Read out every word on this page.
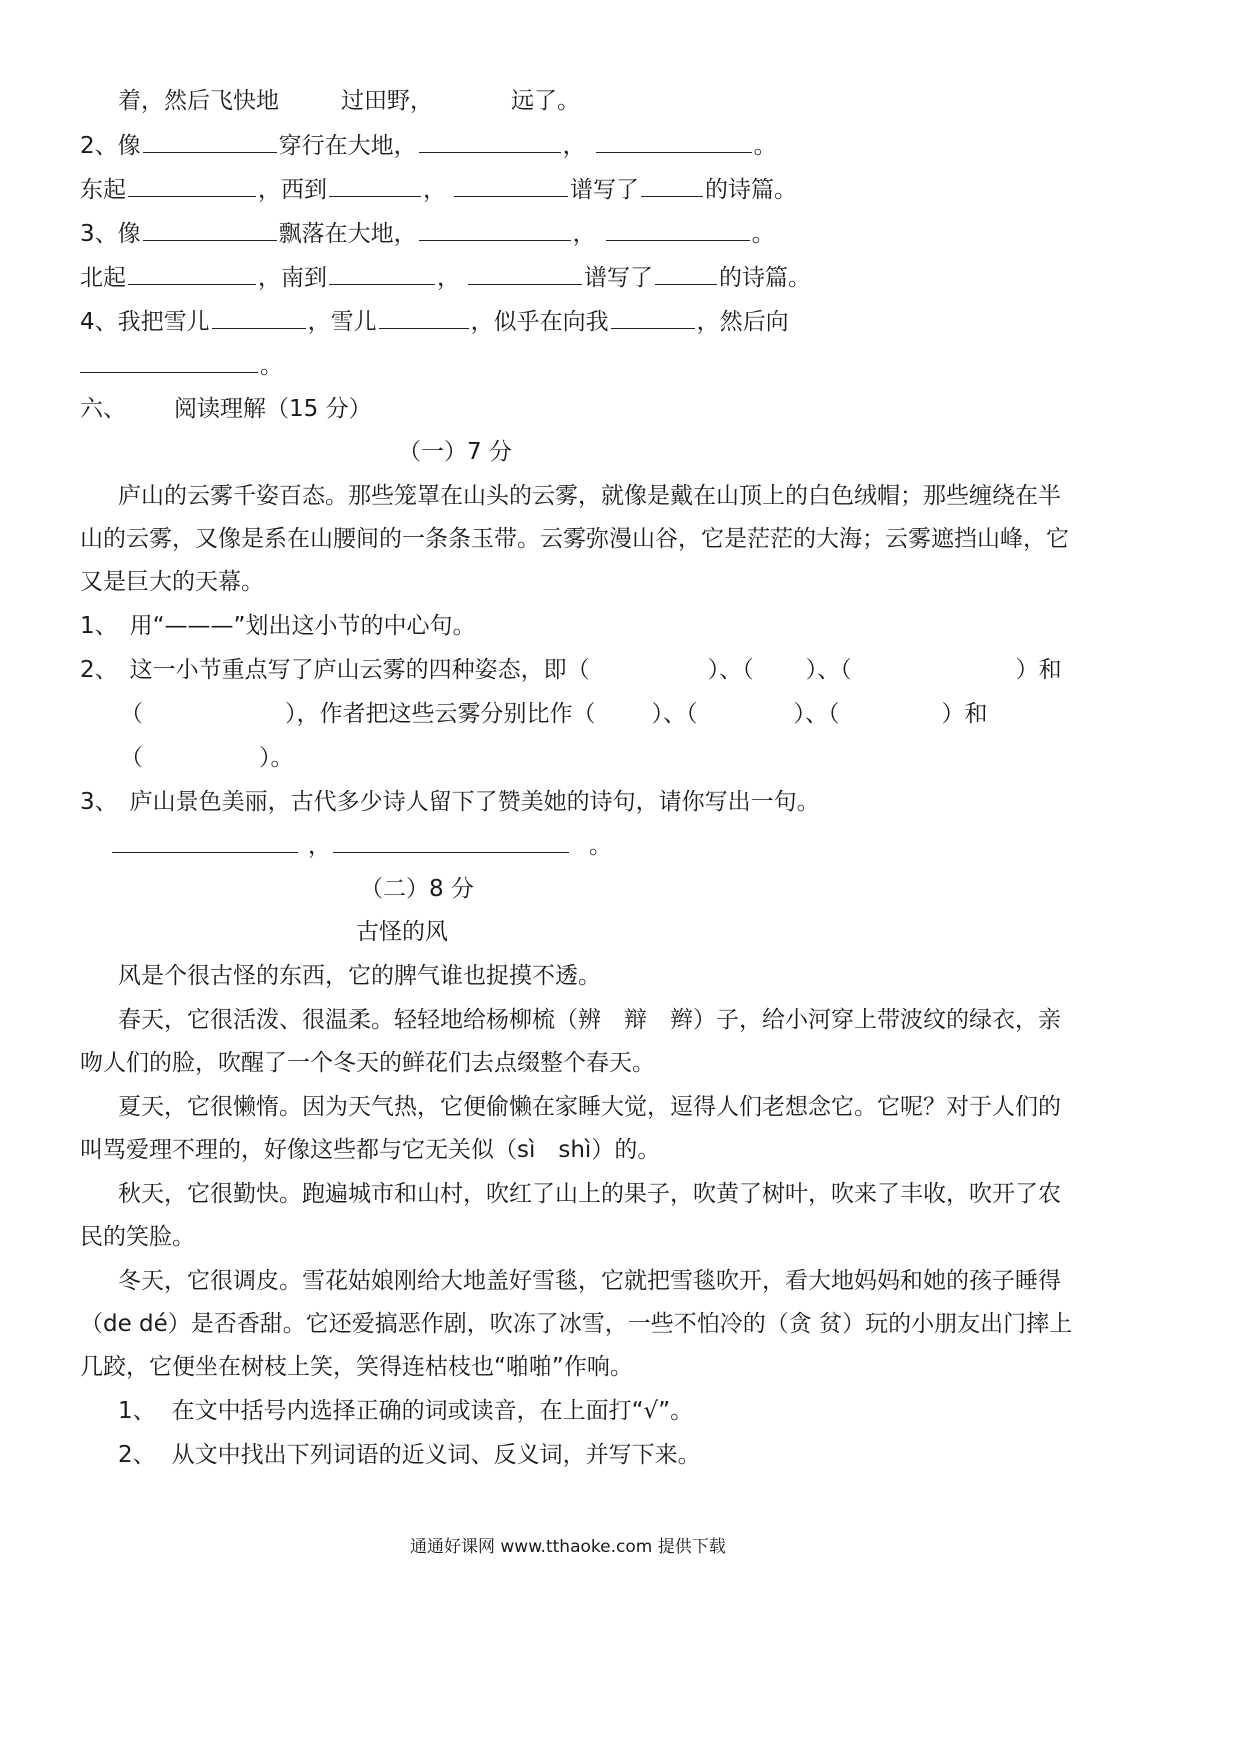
着，然后飞快地	过田野，	远了。
2、像	穿行在大地，	，	。
东起	，西到	，	谱写了	的诗篇。
3、像	飘落在大地，	，	。
北起	，南到	，	谱写了	的诗篇。
4、我把雪儿	，雪儿	，似乎在向我	，然后向
。
六、 阅读理解（15 分）
（一）7 分
庐山的云雾千姿百态。那些笼罩在山头的云雾，就像是戴在山顶上的白色绒帽；那些缠绕在半
山的云雾，又像是系在山腰间的一条条玉带。云雾弥漫山谷，它是茫茫的大海；云雾遮挡山峰，它
又是巨大的天幕。
1、 用“———”划出这小节的中心句。
2、 这一小节重点写了庐山云雾的四种姿态，即（	）、（ ）、（	）和
（	），作者把这些云雾分别比作（ ）、（	）、（	）和
（	）。
3、 庐山景色美丽，古代多少诗人留下了赞美她的诗句，请你写出一句。
，	。
（二）8 分
古怪的风
风是个很古怪的东西，它的脾气谁也捉摸不透。
春天，它很活泼、很温柔。轻轻地给杨柳梳（辨　辩　辫）子，给小河穿上带波纹的绿衣，亲
吻人们的脸，吹醒了一个冬天的鲜花们去点缀整个春天。
夏天，它很懒惰。因为天气热，它便偷懒在家睡大觉，逗得人们老想念它。它呢？对于人们的
叫骂爱理不理的，好像这些都与它无关似（sì　shì）的。
秋天，它很勤快。跑遍城市和山村，吹红了山上的果子，吹黄了树叶，吹来了丰收，吹开了农
民的笑脸。
冬天，它很调皮。雪花姑娘刚给大地盖好雪毯，它就把雪毯吹开，看大地妈妈和她的孩子睡得
（de dé）是否香甜。它还爱搞恶作剧，吹冻了冰雪，一些不怕冷的（贪 贫）玩的小朋友出门摔上
几跤，它便坐在树枝上笑，笑得连枯枝也“啪啪”作响。
1、 在文中括号内选择正确的词或读音，在上面打“√”。
2、 从文中找出下列词语的近义词、反义词，并写下来。
通通好课网 www.tthaoke.com 提供下载
